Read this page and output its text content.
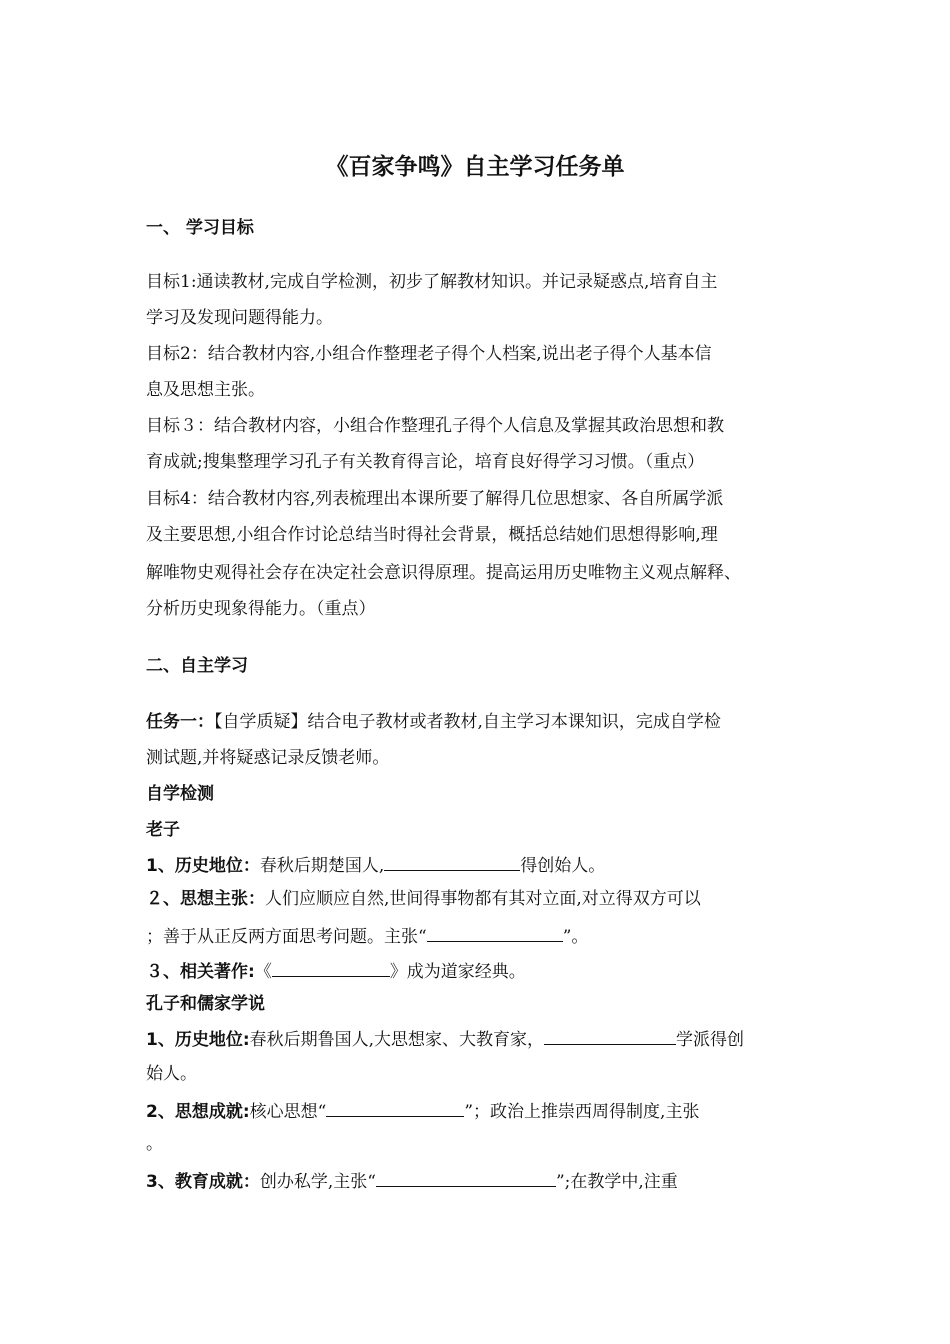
《百家争鸣》自主学习任务单
一、 学习目标
目标1:通读教材,完成自学检测，初步了解教材知识。并记录疑惑点,培育自主
学习及发现问题得能力。
目标2：结合教材内容,小组合作整理老子得个人档案,说出老子得个人基本信
息及思想主张。
目标３：结合教材内容，小组合作整理孔子得个人信息及掌握其政治思想和教
育成就;搜集整理学习孔子有关教育得言论，培育良好得学习习惯。（重点）
目标4：结合教材内容,列表梳理出本课所要了解得几位思想家、各自所属学派
及主要思想,小组合作讨论总结当时得社会背景，概括总结她们思想得影响,理
解唯物史观得社会存在决定社会意识得原理。提高运用历史唯物主义观点解释、
分析历史现象得能力。（重点）
二、自主学习
任务一：【自学质疑】结合电子教材或者教材,自主学习本课知识，完成自学检
测试题,并将疑惑记录反馈老师。
自学检测
老子
1、历史地位：春秋后期楚国人,	得创始人。
２、思想主张：人们应顺应自然,世间得事物都有其对立面,对立得双方可以
；善于从正反两方面思考问题。主张“	”。
３、相关著作:《	》成为道家经典。
孔子和儒家学说
1、历史地位:春秋后期鲁国人,大思想家、大教育家，	学派得创
始人。
2、思想成就:核心思想“	”；政治上推崇西周得制度,主张
。
3、教育成就：创办私学,主张“	”;在教学中,注重
